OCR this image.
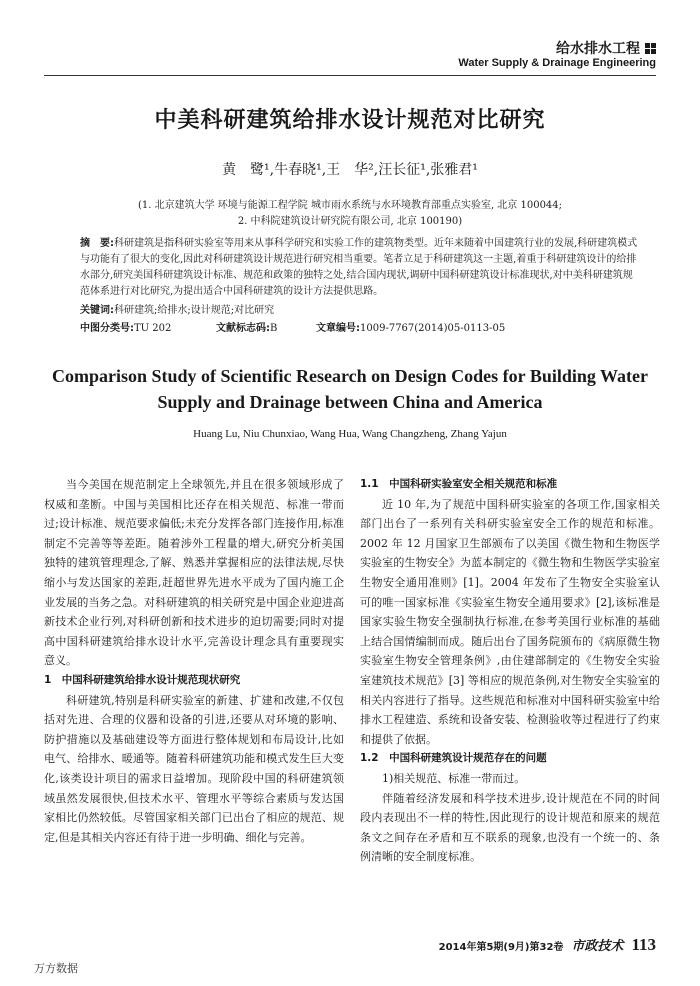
给水排水工程
Water Supply & Drainage Engineering
中美科研建筑给排水设计规范对比研究
黄　鹭¹,牛春晓¹,王　华²,汪长征¹,张雅君¹
(1. 北京建筑大学 环境与能源工程学院 城市雨水系统与水环境教育部重点实验室, 北京 100044;
2. 中科院建筑设计研究院有限公司, 北京 100190)
摘　要:科研建筑是指科研实验室等用来从事科学研究和实验工作的建筑物类型。近年来随着中国建筑行业的发展,科研建筑模式与功能有了很大的变化,因此对科研建筑设计规范进行研究相当重要。笔者立足于科研建筑这一主题,着重于科研建筑设计的给排水部分,研究美国科研建筑设计标准、规范和政策的独特之处,结合国内现状,调研中国科研建筑设计标准现状,对中美科研建筑规范体系进行对比研究,为提出适合中国科研建筑的设计方法提供思路。
关键词:科研建筑;给排水;设计规范;对比研究
中图分类号:TU 202	文献标志码:B	文章编号:1009-7767(2014)05-0113-05
Comparison Study of Scientific Research on Design Codes for Building Water
Supply and Drainage between China and America
Huang Lu, Niu Chunxiao, Wang Hua, Wang Changzheng, Zhang Yajun

当今美国在规范制定上全球领先,并且在很多领域形成了权威和垄断。中国与美国相比还存在相关规范、标准一带而过;设计标准、规范要求偏低;未充分发挥各部门连接作用,标准制定不完善等等差距。随着涉外工程量的增大,研究分析美国独特的建筑管理理念,了解、熟悉并掌握相应的法律法规,尽快缩小与发达国家的差距,赶超世界先进水平成为了国内施工企业发展的当务之急。对科研建筑的相关研究是中国企业迎进高新技术企业行列,对科研创新和技术进步的迫切需要;同时对提高中国科研建筑给排水设计水平,完善设计理念具有重要现实意义。

1　中国科研建筑给排水设计规范现状研究

科研建筑,特别是科研实验室的新建、扩建和改建,不仅包括对先进、合理的仪器和设备的引进,还要从对环境的影响、防护措施以及基础建设等方面进行整体规划和布局设计,比如电气、给排水、暖通等。随着科研建筑功能和模式发生巨大变化,该类设计项目的需求日益增加。现阶段中国的科研建筑领域虽然发展很快,但技术水平、管理水平等综合素质与发达国家相比仍然较低。尽管国家相关部门已出台了相应的规范、规定,但是其相关内容还有待于进一步明确、细化与完善。

1.1　中国科研实验室安全相关规范和标准

近 10 年,为了规范中国科研实验室的各项工作,国家相关部门出台了一系列有关科研实验室安全工作的规范和标准。2002 年 12 月国家卫生部颁布了以美国《微生物和生物医学实验室的生物安全》为蓝本制定的《微生物和生物医学实验室 生物安全通用准则》[1]。2004 年发布了生物安全实验室认可的唯一国家标准《实验室生物安全通用要求》[2],该标准是国家实验生物安全强制执行标准,在参考美国行业标准的基础上结合国情编制而成。随后出台了国务院颁布的《病原微生物实验室生物安全管理条例》,由住建部制定的《生物安全实验室建筑技术规范》[3] 等相应的规范条例,对生物安全实验室的相关内容进行了指导。这些规范和标准对中国科研实验室中给排水工程建造、系统和设备安装、检测验收等过程进行了约束和提供了依据。

1.2　中国科研建筑设计规范存在的问题
1)相关规范、标准一带而过。

伴随着经济发展和科学技术进步,设计规范在不同的时间段内表现出不一样的特性,因此现行的设计规范和原来的规范条文之间存在矛盾和互不联系的现象,也没有一个统一的、条例清晰的安全制度标准。

2014年第5期(9月)第32卷 市政技术 113
万方数据
